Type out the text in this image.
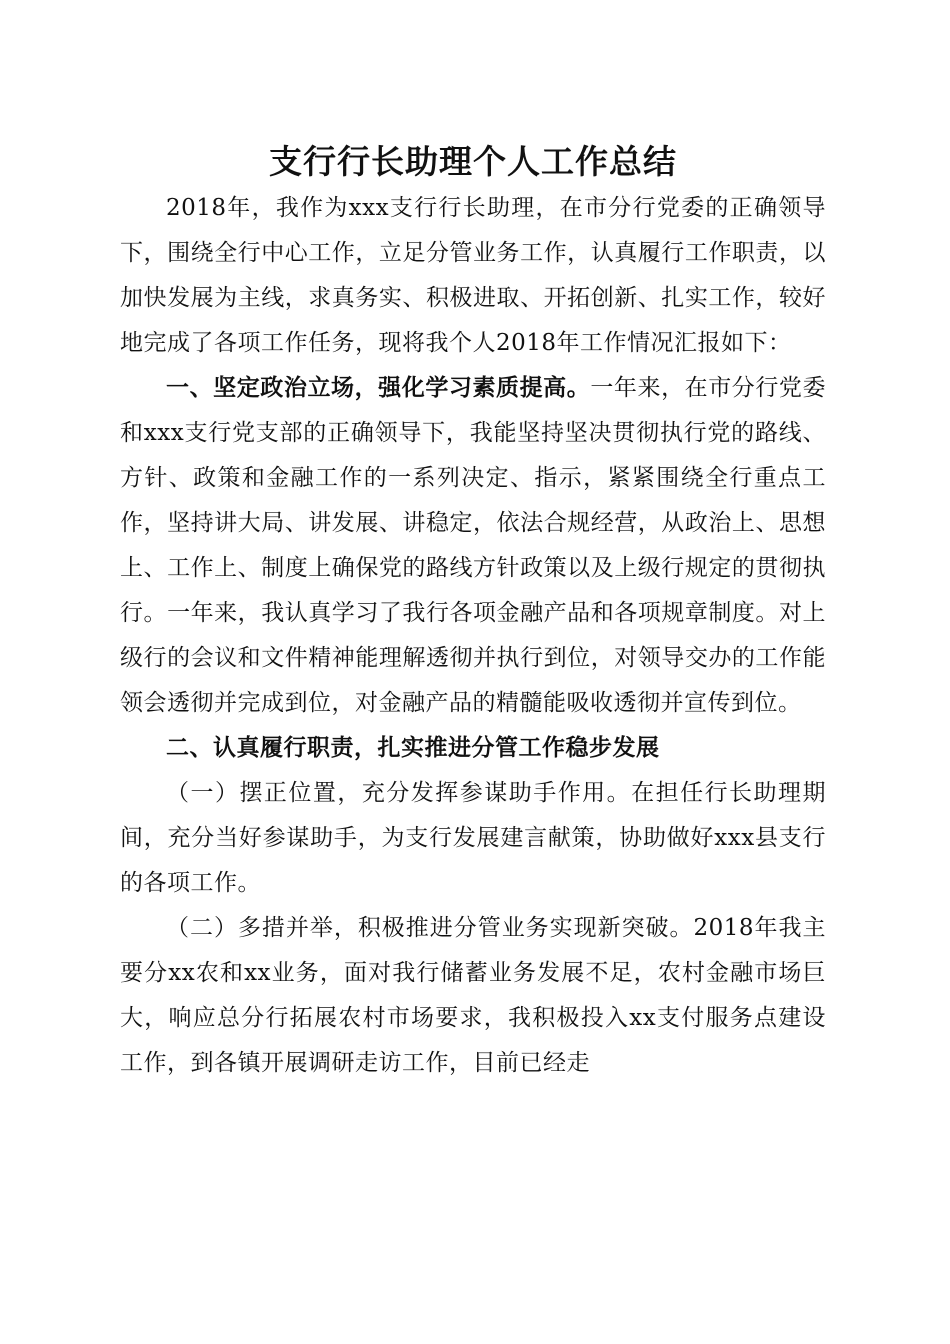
支行行长助理个人工作总结

2018年，我作为xxx支行行长助理，在市分行党委的正确领导下，围绕全行中心工作，立足分管业务工作，认真履行工作职责，以加快发展为主线，求真务实、积极进取、开拓创新、扎实工作，较好地完成了各项工作任务，现将我个人2018年工作情况汇报如下：

一、坚定政治立场，强化学习素质提高。一年来，在市分行党委和xxx支行党支部的正确领导下，我能坚持坚决贯彻执行党的路线、方针、政策和金融工作的一系列决定、指示，紧紧围绕全行重点工作，坚持讲大局、讲发展、讲稳定，依法合规经营，从政治上、思想上、工作上、制度上确保党的路线方针政策以及上级行规定的贯彻执行。一年来，我认真学习了我行各项金融产品和各项规章制度。对上级行的会议和文件精神能理解透彻并执行到位，对领导交办的工作能领会透彻并完成到位，对金融产品的精髓能吸收透彻并宣传到位。

二、认真履行职责，扎实推进分管工作稳步发展

（一）摆正位置，充分发挥参谋助手作用。在担任行长助理期间，充分当好参谋助手，为支行发展建言献策，协助做好xxx县支行的各项工作。

（二）多措并举，积极推进分管业务实现新突破。2018年我主要分xx农和xx业务，面对我行储蓄业务发展不足，农村金融市场巨大，响应总分行拓展农村市场要求，我积极投入xx支付服务点建设工作，到各镇开展调研走访工作，目前已经走
